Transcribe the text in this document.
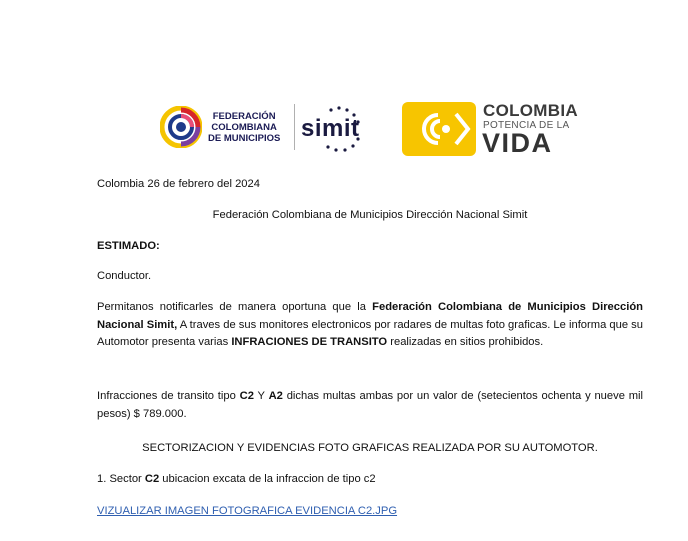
FEDERACIÓN
COLOMBIANA
DE MUNICIPIOS simit
COLOMBIA
POTENCIA DE LA
VIDA

Colombia 26 de febrero del 2024

Federación Colombiana de Municipios Dirección Nacional Simit

ESTIMADO:

Conductor.

Permitanos notificarles de manera oportuna que la Federación Colombiana de Municipios Dirección Nacional Simit, A traves de sus monitores electronicos por radares de multas foto graficas. Le informa que su Automotor presenta varias INFRACIONES DE TRANSITO realizadas en sitios prohibidos.

Infracciones de transito tipo C2 Y A2 dichas multas ambas por un valor de (setecientos ochenta y nueve mil pesos) $ 789.000.

SECTORIZACION Y EVIDENCIAS FOTO GRAFICAS REALIZADA POR SU AUTOMOTOR.

1. Sector C2 ubicacion excata de la infraccion de tipo c2

VIZUALIZAR IMAGEN FOTOGRAFICA EVIDENCIA C2.JPG
